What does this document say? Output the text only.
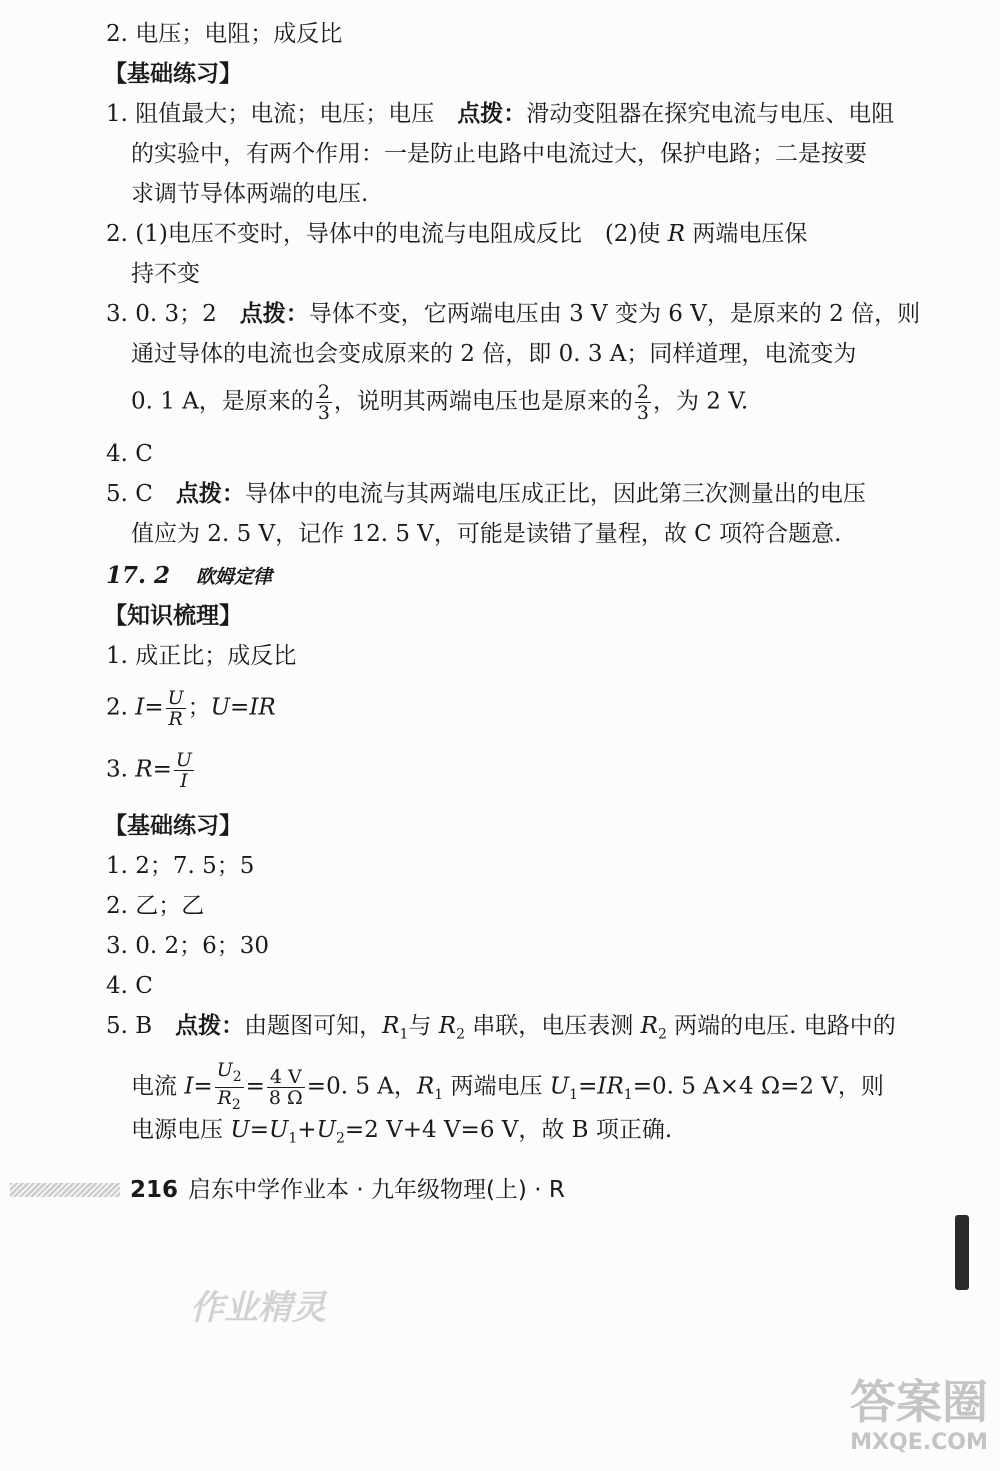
2. 电压；电阻；成反比
【基础练习】
1. 阻值最大；电流；电压；电压　点拨：滑动变阻器在探究电流与电压、电阻
的实验中，有两个作用：一是防止电路中电流过大，保护电路；二是按要
求调节导体两端的电压.
2. (1)电压不变时，导体中的电流与电阻成反比　(2)使 R 两端电压保
持不变
3. 0. 3；2　点拨：导体不变，它两端电压由 3 V 变为 6 V，是原来的 2 倍，则
通过导体的电流也会变成原来的 2 倍，即 0. 3 A；同样道理，电流变为
0. 1 A，是原来的 $\frac{2}{3}$ ，说明其两端电压也是原来的 $\frac{2}{3}$ ，为 2 V.
4. C
5. C　点拨：导体中的电流与其两端电压成正比，因此第三次测量出的电压
值应为 2. 5 V，记作 12. 5 V，可能是读错了量程，故 C 项符合题意.
17. 2 欧姆定律
【知识梳理】
1. 成正比；成反比
2. $I= \frac{U}{R}$ ；U=IR
3. $R= \frac{U}{I}$
【基础练习】
1. 2；7. 5；5
2. 乙；乙
3. 0. 2；6；30
4. C
5. B　点拨：由题图可知，$R_1$与 $R_2$ 串联，电压表测 $R_2$ 两端的电压. 电路中的
电流 $I= \frac{U_2}{R_2} = \frac{4 V}{8 \Omega} =0$. 5 A，$R_1$ 两端电压 $U_1=IR_1=0$. 5 A×4 Ω=2 V，则
电源电压 $U=U_1+U_2=2$ V+4 V=6 V，故 B 项正确.
216 启东中学作业本 · 九年级物理(上) · R
作业精灵
答案圈
MXQE.COM
